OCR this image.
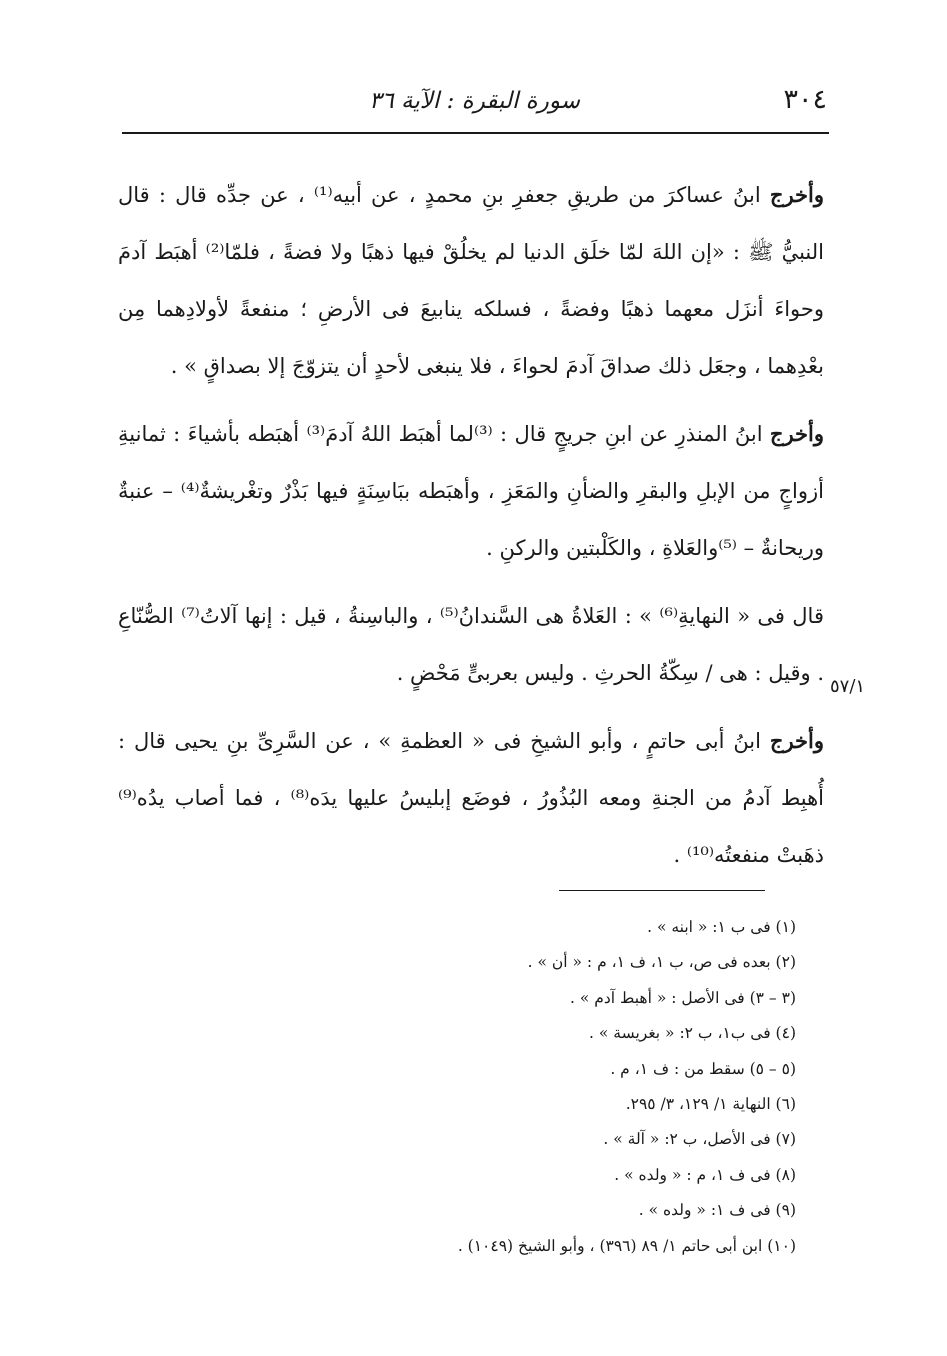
٣٠٤
سورة البقرة : الآية ٣٦

وأخرج ابنُ عساكرَ من طريقِ جعفرِ بنِ محمدٍ ، عن أبيه⁽¹⁾ ، عن جدِّه قال : قال النبيُّ ﷺ : «إن اللهَ لمّا خلَق الدنيا لم يخلُقْ فيها ذهبًا ولا فضةً ، فلمّا⁽²⁾ أهبَط آدمَ وحواءَ أنزَل معهما ذهبًا وفضةً ، فسلكه ينابيعَ فى الأرضِ ؛ منفعةً لأولادِهما مِن بعْدِهما ، وجعَل ذلك صداقَ آدمَ لحواءَ ، فلا ينبغى لأحدٍ أن يتزوّجَ إلا بصداقٍ » .

وأخرج ابنُ المنذرِ عن ابنِ جريجٍ قال : ⁽³⁾لما أهبَط اللهُ آدمَ⁽³⁾ أهبَطه بأشياءَ : ثمانيةِ أزواجٍ من الإبلِ والبقرِ والضأنِ والمَعَزِ ، وأهبَطه ببَاسِنَةٍ فيها بَذْرٌ وتغْريشةٌ⁽⁴⁾ – عنبةٌ وريحانةٌ – ⁽⁵⁾والعَلاةِ ، والكَلْبتين والركنِ .

قال فى « النهايةِ⁽⁶⁾ » : العَلاةُ هى السَّندانُ⁽⁵⁾ ، والباسِنةُ ، قيل : إنها آلاتُ⁽⁷⁾ الصُّنّاعِ . وقيل : هى / سِكّةُ الحرثِ . وليس بعربىٍّ مَحْضٍ .

وأخرج ابنُ أبى حاتمٍ ، وأبو الشيخِ فى « العظمةِ » ، عن السَّرِىِّ بنِ يحيى قال : أُهبِط آدمُ من الجنةِ ومعه البُذُورُ ، فوضَع إبليسُ عليها يدَه⁽⁸⁾ ، فما أصاب يدُه⁽⁹⁾ ذهَبتْ منفعتُه⁽¹⁰⁾ .

٥٧/١
(١) فى ب ١: « ابنه » .
(٢) بعده فى ص، ب ١، ف ١، م : « أن » .
(٣ – ٣) فى الأصل : « أهبط آدم » .
(٤) فى ب١، ب ٢: « بغريسة » .
(٥ – ٥) سقط من : ف ١، م .
(٦) النهاية ١/ ١٢٩، ٣/ ٢٩٥.
(٧) فى الأصل، ب ٢: « آلة » .
(٨) فى ف ١، م : « ولده » .
(٩) فى ف ١: « ولده » .
(١٠) ابن أبى حاتم ١/ ٨٩ (٣٩٦) ، وأبو الشيخ (١٠٤٩) .
